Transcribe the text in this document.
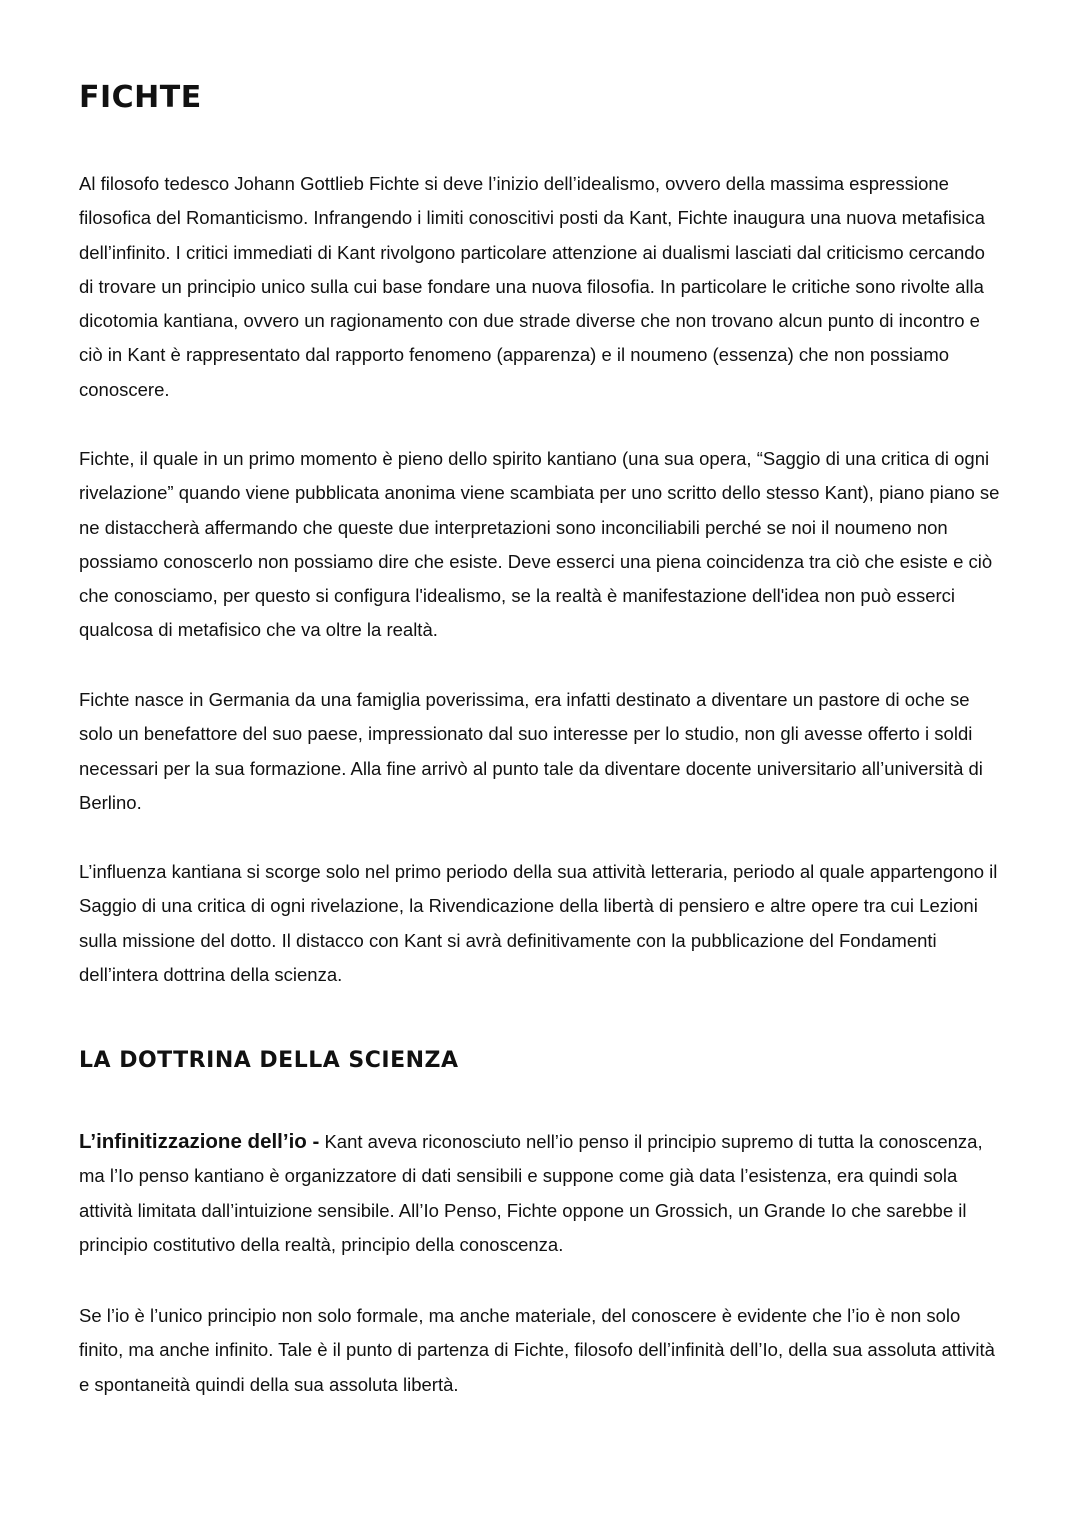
FICHTE

Al filosofo tedesco Johann Gottlieb Fichte si deve l’inizio dell’idealismo, ovvero della massima espressione filosofica del Romanticismo. Infrangendo i limiti conoscitivi posti da Kant, Fichte inaugura una nuova metafisica dell’infinito. I critici immediati di Kant rivolgono particolare attenzione ai dualismi lasciati dal criticismo cercando di trovare un principio unico sulla cui base fondare una nuova filosofia. In particolare le critiche sono rivolte alla dicotomia kantiana, ovvero un ragionamento con due strade diverse che non trovano alcun punto di incontro e ciò in Kant è rappresentato dal rapporto fenomeno (apparenza) e il noumeno (essenza) che non possiamo conoscere.

Fichte, il quale in un primo momento è pieno dello spirito kantiano (una sua opera, “Saggio di una critica di ogni rivelazione” quando viene pubblicata anonima viene scambiata per uno scritto dello stesso Kant), piano piano se ne distaccherà affermando che queste due interpretazioni sono inconciliabili perché se noi il noumeno non possiamo conoscerlo non possiamo dire che esiste. Deve esserci una piena coincidenza tra ciò che esiste e ciò che conosciamo, per questo si configura l'idealismo, se la realtà è manifestazione dell'idea non può esserci qualcosa di metafisico che va oltre la realtà.

Fichte nasce in Germania da una famiglia poverissima, era infatti destinato a diventare un pastore di oche se solo un benefattore del suo paese, impressionato dal suo interesse per lo studio, non gli avesse offerto i soldi necessari per la sua formazione. Alla fine arrivò al punto tale da diventare docente universitario all’università di Berlino.

L’influenza kantiana si scorge solo nel primo periodo della sua attività letteraria, periodo al quale appartengono il Saggio di una critica di ogni rivelazione, la Rivendicazione della libertà di pensiero e altre opere tra cui Lezioni sulla missione del dotto. Il distacco con Kant si avrà definitivamente con la pubblicazione del Fondamenti dell’intera dottrina della scienza.

LA DOTTRINA DELLA SCIENZA

L’infinitizzazione dell’io - Kant aveva riconosciuto nell’io penso il principio supremo di tutta la conoscenza, ma l’Io penso kantiano è organizzatore di dati sensibili e suppone come già data l’esistenza, era quindi sola attività limitata dall’intuizione sensibile. All’Io Penso, Fichte oppone un Grossich, un Grande Io che sarebbe il principio costitutivo della realtà, principio della conoscenza.

Se l’io è l’unico principio non solo formale, ma anche materiale, del conoscere è evidente che l’io è non solo finito, ma anche infinito. Tale è il punto di partenza di Fichte, filosofo dell’infinità dell’Io, della sua assoluta attività e spontaneità quindi della sua assoluta libertà.
